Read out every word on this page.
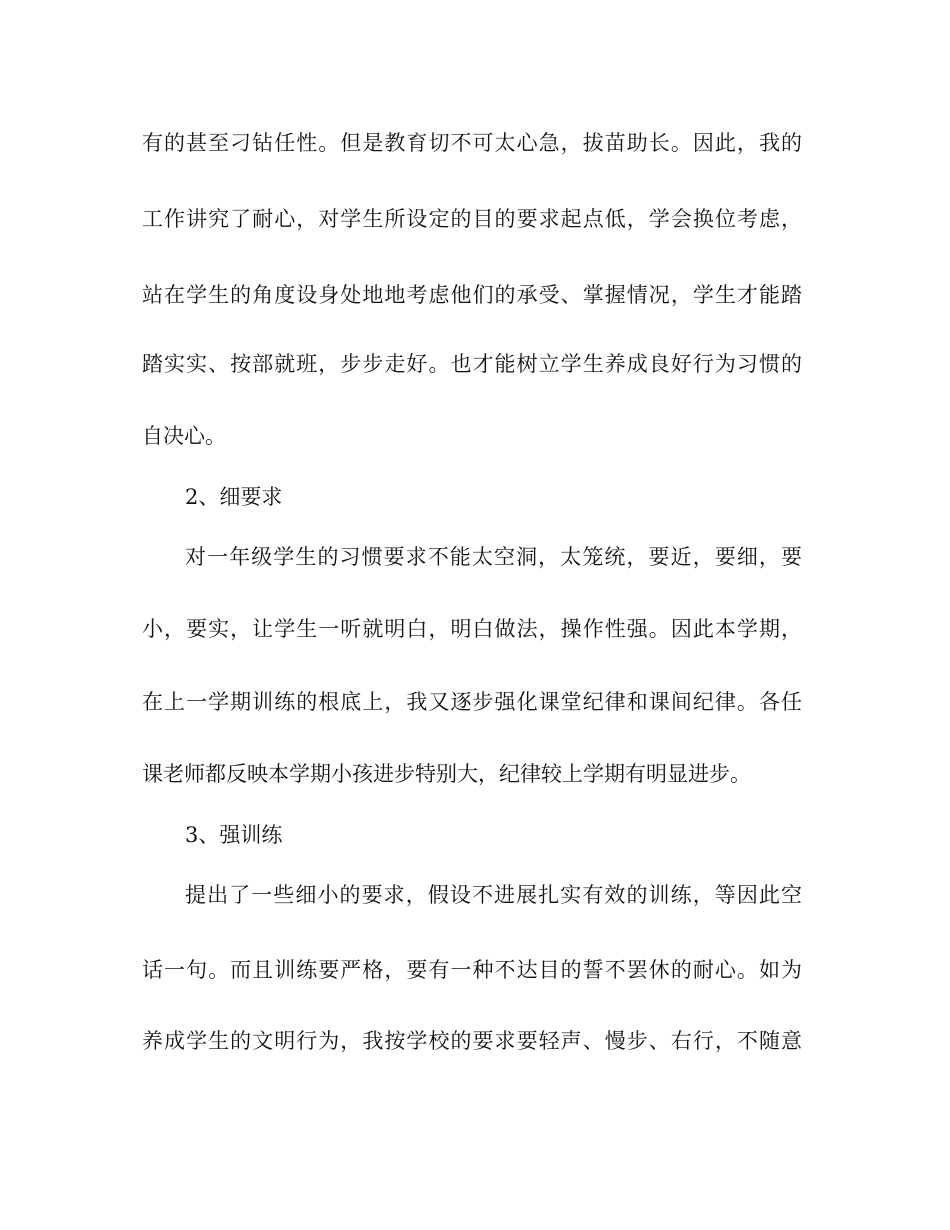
有的甚至刁钻任性。但是教育切不可太心急，拔苗助长。因此，我的
工作讲究了耐心，对学生所设定的目的要求起点低，学会换位考虑，
站在学生的角度设身处地地考虑他们的承受、掌握情况，学生才能踏
踏实实、按部就班，步步走好。也才能树立学生养成良好行为习惯的
自决心。
2、细要求
对一年级学生的习惯要求不能太空洞，太笼统，要近，要细，要
小，要实，让学生一听就明白，明白做法，操作性强。因此本学期，
在上一学期训练的根底上，我又逐步强化课堂纪律和课间纪律。各任
课老师都反映本学期小孩进步特别大，纪律较上学期有明显进步。
3、强训练
提出了一些细小的要求，假设不进展扎实有效的训练，等因此空
话一句。而且训练要严格，要有一种不达目的誓不罢休的耐心。如为
养成学生的文明行为，我按学校的要求要轻声、慢步、右行，不随意
